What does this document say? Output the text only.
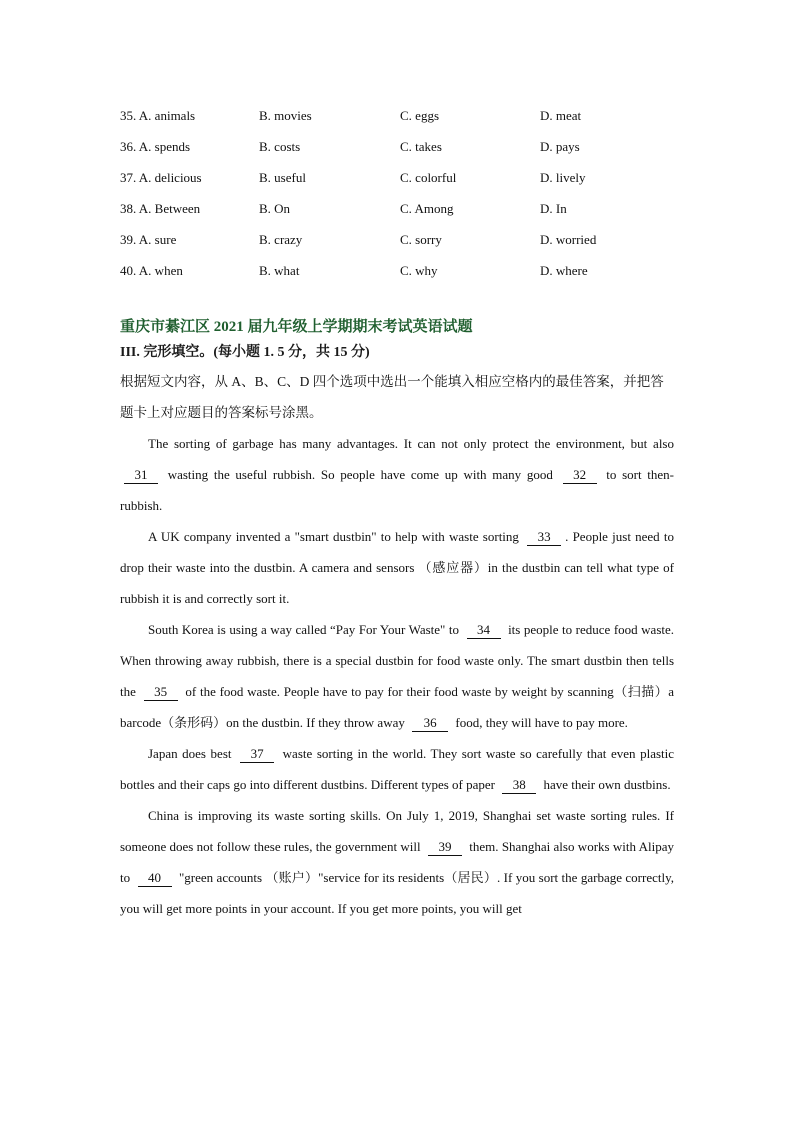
35. A. animals	B. movies	C. eggs	D. meat
36. A. spends	B. costs	C. takes	D. pays
37. A. delicious	B. useful	C. colorful	D. lively
38. A. Between	B. On	C. Among	D. In
39. A. sure	B. crazy	C. sorry	D. worried
40. A. when	B. what	C. why	D. where
重庆市綦江区 2021 届九年级上学期期末考试英语试题
III. 完形填空。(每小题 1. 5 分，共 15 分)
根据短文内容，从 A、B、C、D 四个选项中选出一个能填入相应空格内的最佳答案，并把答 题卡上对应题目的答案标号涂黑。
The sorting of garbage has many advantages. It can not only protect the environment, but also 31 wasting the useful rubbish. So people have come up with many good 32 to sort then- rubbish.
A UK company invented a "smart dustbin" to help with waste sorting 33 . People just need to drop their waste into the dustbin. A camera and sensors （感应器）in the dustbin can tell what type of rubbish it is and correctly sort it.
South Korea is using a way called “Pay For Your Waste" to 34 its people to reduce food waste. When throwing away rubbish, there is a special dustbin for food waste only. The smart dustbin then tells the 35 of the food waste. People have to pay for their food waste by weight by scanning（扫描）a barcode（条形码）on the dustbin. If they throw away 36 food, they will have to pay more.
Japan does best 37 waste sorting in the world. They sort waste so carefully that even plastic bottles and their caps go into different dustbins. Different types of paper 38 have their own dustbins.
China is improving its waste sorting skills. On July 1, 2019, Shanghai set waste sorting rules. If someone does not follow these rules, the government will 39 them. Shanghai also works with Alipay to 40 "green accounts （账户）"service for its residents（居民）. If you sort the garbage correctly, you will get more points in your account. If you get more points, you will get
